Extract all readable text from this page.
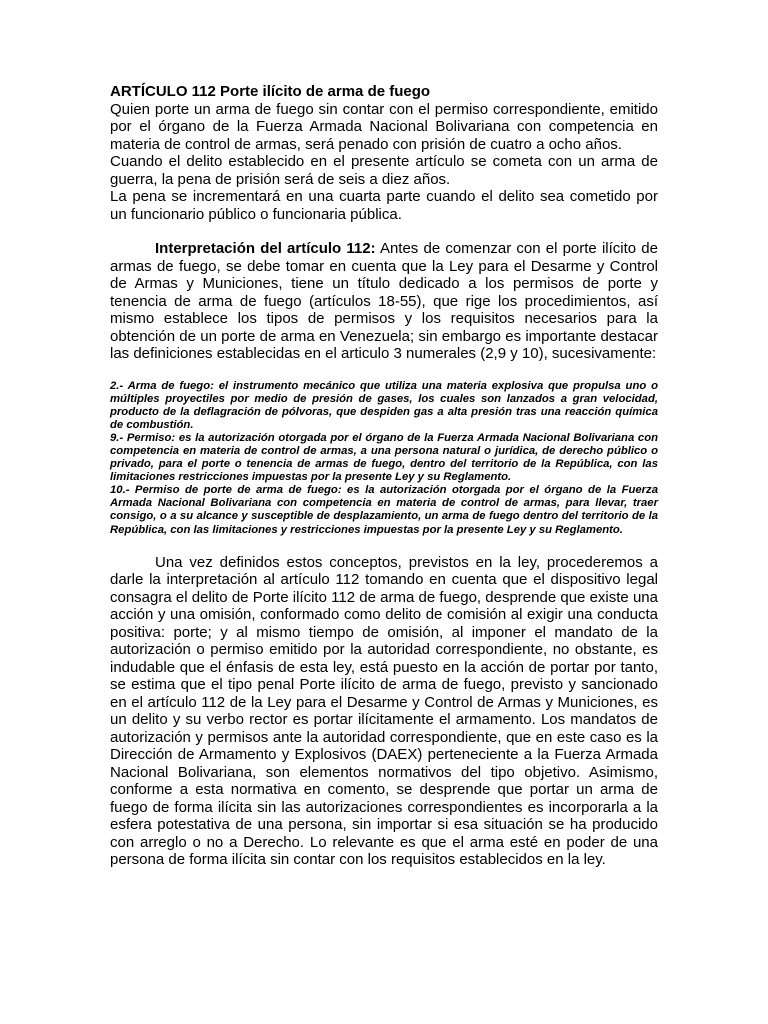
ARTÍCULO 112 Porte ilícito de arma de fuego

Quien porte un arma de fuego sin contar con el permiso correspondiente, emitido por el órgano de la Fuerza Armada Nacional Bolivariana con competencia en materia de control de armas, será penado con prisión de cuatro a ocho años.

Cuando el delito establecido en el presente artículo se cometa con un arma de guerra, la pena de prisión será de seis a diez años.

La pena se incrementará en una cuarta parte cuando el delito sea cometido por un funcionario público o funcionaria pública.

Interpretación del artículo 112: Antes de comenzar con el porte ilícito de armas de fuego, se debe tomar en cuenta que la Ley para el Desarme y Control de Armas y Municiones, tiene un título dedicado a los permisos de porte y tenencia de arma de fuego (artículos 18-55), que rige los procedimientos, así mismo establece los tipos de permisos y los requisitos necesarios para la obtención de un porte de arma en Venezuela; sin embargo es importante destacar las definiciones establecidas en el articulo 3 numerales (2,9 y 10), sucesivamente:

2.- Arma de fuego: el instrumento mecánico que utiliza una materia explosiva que propulsa uno o múltiples proyectiles por medio de presión de gases, los cuales son lanzados a gran velocidad, producto de la deflagración de pólvoras, que despiden gas a alta presión tras una reacción química de combustión.

9.- Permiso: es la autorización otorgada por el órgano de la Fuerza Armada Nacional Bolivariana con competencia en materia de control de armas, a una persona natural o jurídica, de derecho público o privado, para el porte o tenencia de armas de fuego, dentro del territorio de la República, con las limitaciones restricciones impuestas por la presente Ley y su Reglamento.

10.- Permiso de porte de arma de fuego: es la autorización otorgada por el órgano de la Fuerza Armada Nacional Bolivariana con competencia en materia de control de armas, para llevar, traer consigo, o a su alcance y susceptible de desplazamiento, un arma de fuego dentro del territorio de la República, con las limitaciones y restricciones impuestas por la presente Ley y su Reglamento.

Una vez definidos estos conceptos, previstos en la ley, procederemos a darle la interpretación al artículo 112 tomando en cuenta que el dispositivo legal consagra el delito de Porte ilícito 112 de arma de fuego, desprende que existe una acción y una omisión, conformado como delito de comisión al exigir una conducta positiva: porte; y al mismo tiempo de omisión, al imponer el mandato de la autorización o permiso emitido por la autoridad correspondiente, no obstante, es indudable que el énfasis de esta ley, está puesto en la acción de portar por tanto, se estima que el tipo penal Porte ilícito de arma de fuego, previsto y sancionado en el artículo 112 de la Ley para el Desarme y Control de Armas y Municiones, es un delito y su verbo rector es portar ilícitamente el armamento. Los mandatos de autorización y permisos ante la autoridad correspondiente, que en este caso es la Dirección de Armamento y Explosivos (DAEX) perteneciente a la Fuerza Armada Nacional Bolivariana, son elementos normativos del tipo objetivo. Asimismo, conforme a esta normativa en comento, se desprende que portar un arma de fuego de forma ilícita sin las autorizaciones correspondientes es incorporarla a la esfera potestativa de una persona, sin importar si esa situación se ha producido con arreglo o no a Derecho. Lo relevante es que el arma esté en poder de una persona de forma ilícita sin contar con los requisitos establecidos en la ley.
